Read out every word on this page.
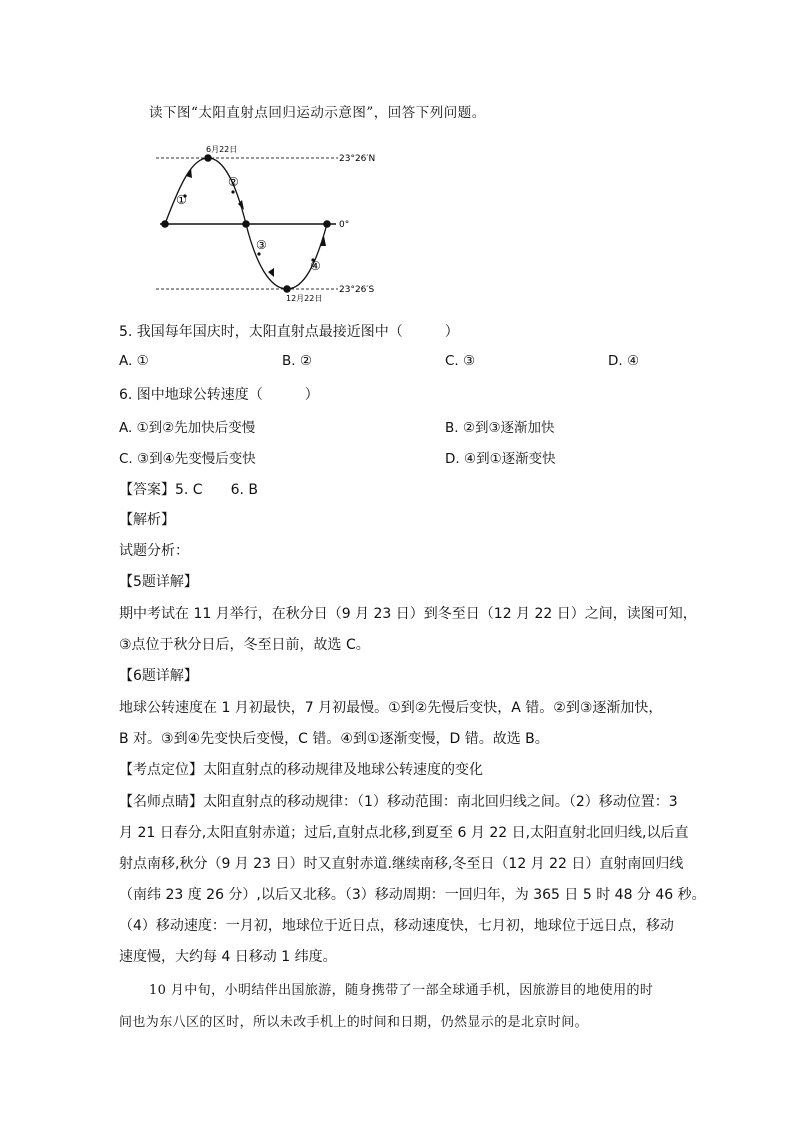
读下图“太阳直射点回归运动示意图”，回答下列问题。
6月22日
12月22日
23°26′N
0°
23°26′S
①
②
③
④
5. 我国每年国庆时，太阳直射点最接近图中（　　　）
A. ①	B. ②	C. ③	D. ④
6. 图中地球公转速度（　　　）
A. ①到②先加快后变慢	B. ②到③逐渐加快
C. ③到④先变慢后变快	D. ④到①逐渐变快
【答案】5. C　　6. B
【解析】
试题分析：
【5题详解】
期中考试在 11 月举行，在秋分日（9 月 23 日）到冬至日（12 月 22 日）之间，读图可知，
③点位于秋分日后，冬至日前，故选 C。
【6题详解】
地球公转速度在 1 月初最快，7 月初最慢。①到②先慢后变快，A 错。②到③逐渐加快，
B 对。③到④先变快后变慢，C 错。④到①逐渐变慢，D 错。故选 B。
【考点定位】太阳直射点的移动规律及地球公转速度的变化
【名师点睛】太阳直射点的移动规律：（1）移动范围：南北回归线之间。（2）移动位置：3
月 21 日春分,太阳直射赤道；过后,直射点北移,到夏至 6 月 22 日,太阳直射北回归线,以后直
射点南移,秋分（9 月 23 日）时又直射赤道.继续南移,冬至日（12 月 22 日）直射南回归线
（南纬 23 度 26 分）,以后又北移。（3）移动周期：一回归年，为 365 日 5 时 48 分 46 秒。
（4）移动速度：一月初，地球位于近日点，移动速度快，七月初，地球位于远日点，移动
速度慢，大约每 4 日移动 1 纬度。
10 月中旬，小明结伴出国旅游，随身携带了一部全球通手机，因旅游目的地使用的时
间也为东八区的区时，所以未改手机上的时间和日期，仍然显示的是北京时间。
